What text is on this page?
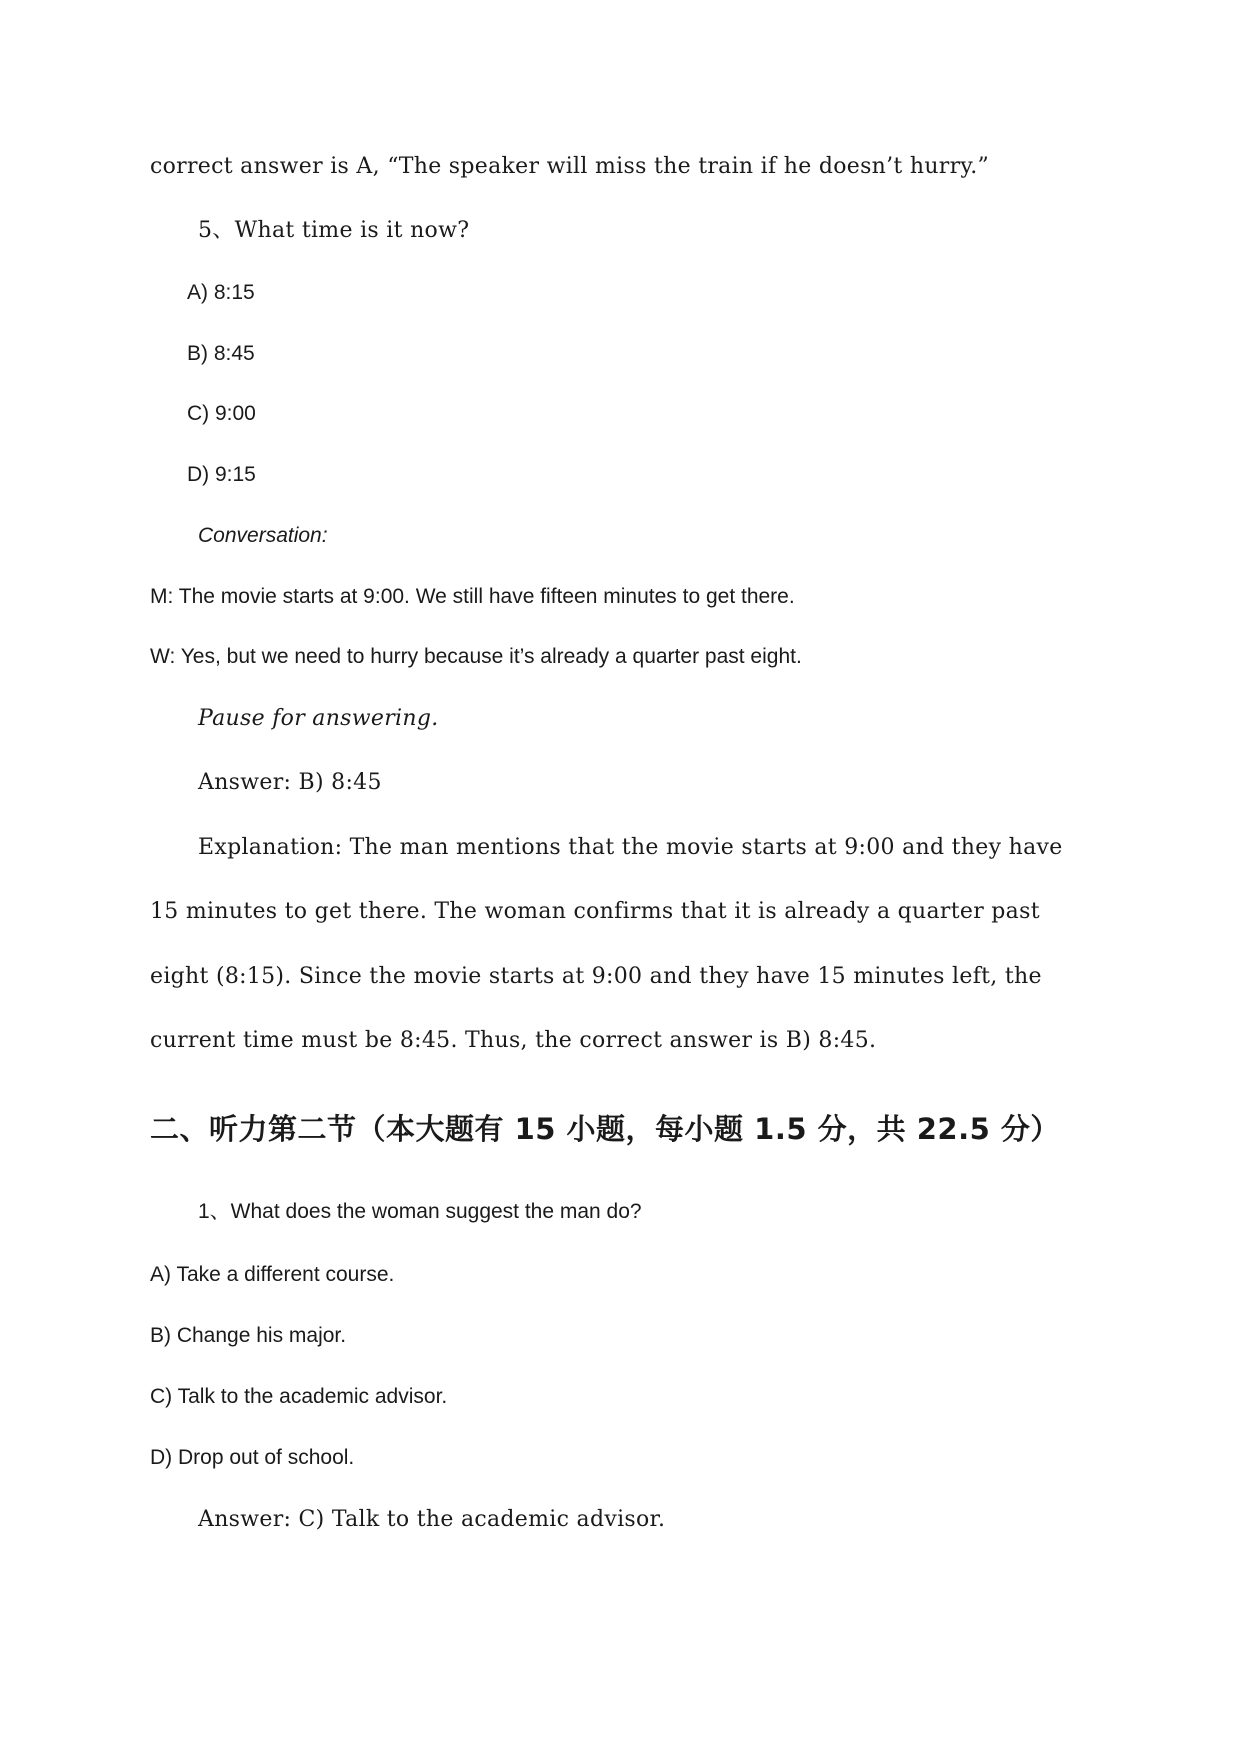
correct answer is A, “The speaker will miss the train if he doesn’t hurry.”
5、What time is it now?
A) 8:15
B) 8:45
C) 9:00
D) 9:15
Conversation:
M: The movie starts at 9:00. We still have fifteen minutes to get there.
W: Yes, but we need to hurry because it’s already a quarter past eight.
Pause for answering.
Answer: B) 8:45
Explanation: The man mentions that the movie starts at 9:00 and they have
15 minutes to get there. The woman confirms that it is already a quarter past
eight (8:15). Since the movie starts at 9:00 and they have 15 minutes left, the
current time must be 8:45. Thus, the correct answer is B) 8:45.
二、听力第二节（本大题有 15 小题，每小题 1.5 分，共 22.5 分）
1、What does the woman suggest the man do?
A) Take a different course.
B) Change his major.
C) Talk to the academic advisor.
D) Drop out of school.
Answer: C) Talk to the academic advisor.
